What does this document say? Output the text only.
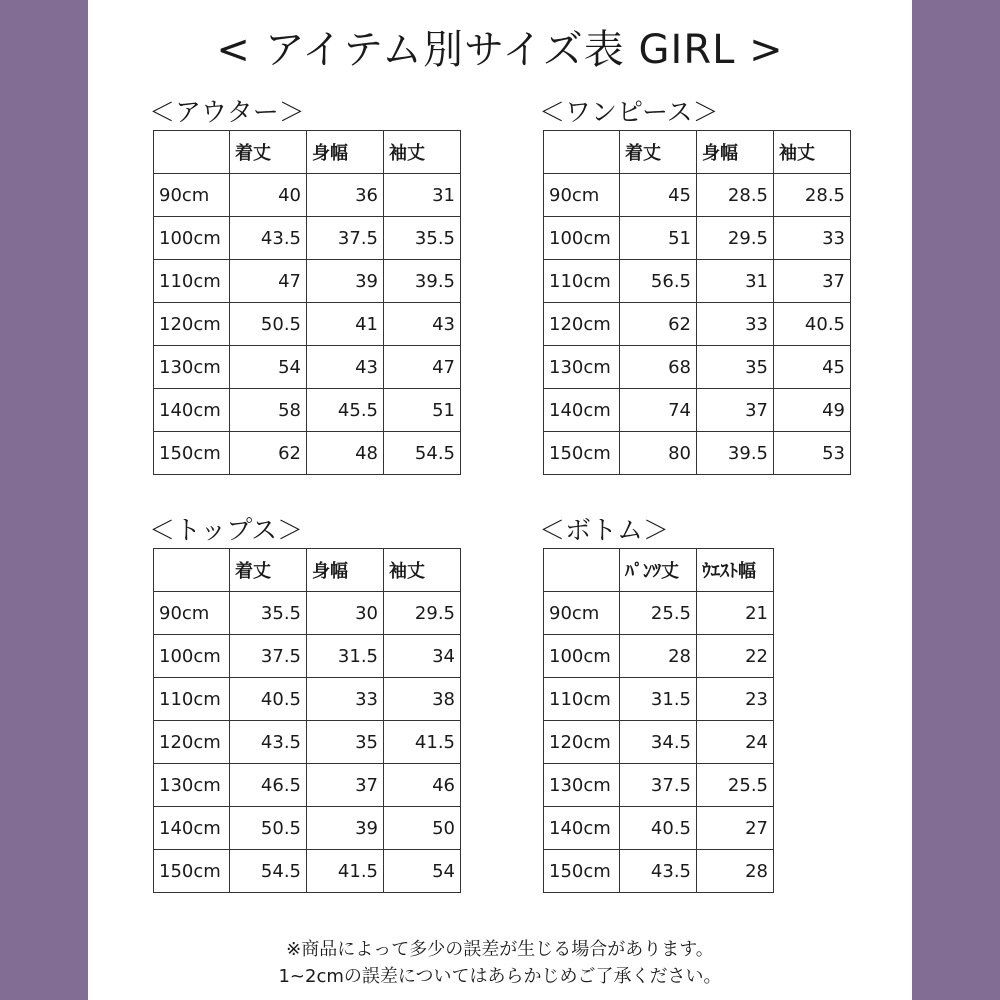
< アイテム別サイズ表 GIRL >
＜アウター＞
	着丈	身幅	袖丈
90cm	40	36	31
100cm	43.5	37.5	35.5
110cm	47	39	39.5
120cm	50.5	41	43
130cm	54	43	47
140cm	58	45.5	51
150cm	62	48	54.5
＜ワンピース＞
	着丈	身幅	袖丈
90cm	45	28.5	28.5
100cm	51	29.5	33
110cm	56.5	31	37
120cm	62	33	40.5
130cm	68	35	45
140cm	74	37	49
150cm	80	39.5	53
＜トップス＞
	着丈	身幅	袖丈
90cm	35.5	30	29.5
100cm	37.5	31.5	34
110cm	40.5	33	38
120cm	43.5	35	41.5
130cm	46.5	37	46
140cm	50.5	39	50
150cm	54.5	41.5	54
＜ボトム＞
	ﾊﾟﾝﾂ丈	ｳｴｽﾄ幅
90cm	25.5	21
100cm	28	22
110cm	31.5	23
120cm	34.5	24
130cm	37.5	25.5
140cm	40.5	27
150cm	43.5	28
※商品によって多少の誤差が生じる場合があります。
1~2cmの誤差についてはあらかじめご了承ください。
